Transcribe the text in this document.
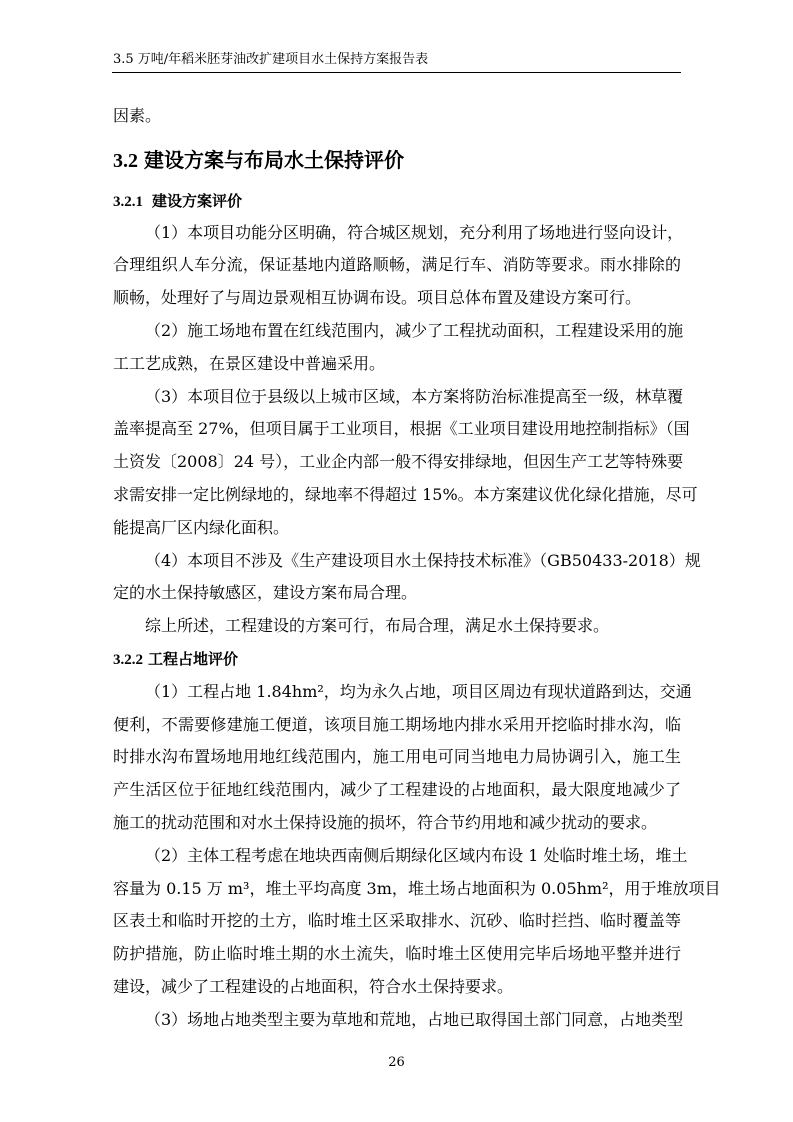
3.5 万吨/年稻米胚芽油改扩建项目水土保持方案报告表
因素。
3.2 建设方案与布局水土保持评价
3.2.1 建设方案评价
（1）本项目功能分区明确，符合城区规划，充分利用了场地进行竖向设计，
合理组织人车分流，保证基地内道路顺畅，满足行车、消防等要求。雨水排除的
顺畅，处理好了与周边景观相互协调布设。项目总体布置及建设方案可行。
（2）施工场地布置在红线范围内，减少了工程扰动面积，工程建设采用的施
工工艺成熟，在景区建设中普遍采用。
（3）本项目位于县级以上城市区域，本方案将防治标准提高至一级，林草覆
盖率提高至 27%，但项目属于工业项目，根据《工业项目建设用地控制指标》（国
土资发〔2008〕24 号），工业企内部一般不得安排绿地，但因生产工艺等特殊要
求需安排一定比例绿地的，绿地率不得超过 15%。本方案建议优化绿化措施，尽可
能提高厂区内绿化面积。
（4）本项目不涉及《生产建设项目水土保持技术标准》（GB50433-2018）规
定的水土保持敏感区，建设方案布局合理。
综上所述，工程建设的方案可行，布局合理，满足水土保持要求。
3.2.2 工程占地评价
（1）工程占地 1.84hm²，均为永久占地，项目区周边有现状道路到达，交通
便利，不需要修建施工便道，该项目施工期场地内排水采用开挖临时排水沟，临
时排水沟布置场地用地红线范围内，施工用电可同当地电力局协调引入，施工生
产生活区位于征地红线范围内，减少了工程建设的占地面积，最大限度地减少了
施工的扰动范围和对水土保持设施的损坏，符合节约用地和减少扰动的要求。
（2）主体工程考虑在地块西南侧后期绿化区域内布设 1 处临时堆土场，堆土
容量为 0.15 万 m³，堆土平均高度 3m，堆土场占地面积为 0.05hm²，用于堆放项目
区表土和临时开挖的土方，临时堆土区采取排水、沉砂、临时拦挡、临时覆盖等
防护措施，防止临时堆土期的水土流失，临时堆土区使用完毕后场地平整并进行
建设，减少了工程建设的占地面积，符合水土保持要求。
（3）场地占地类型主要为草地和荒地，占地已取得国土部门同意，占地类型
26
